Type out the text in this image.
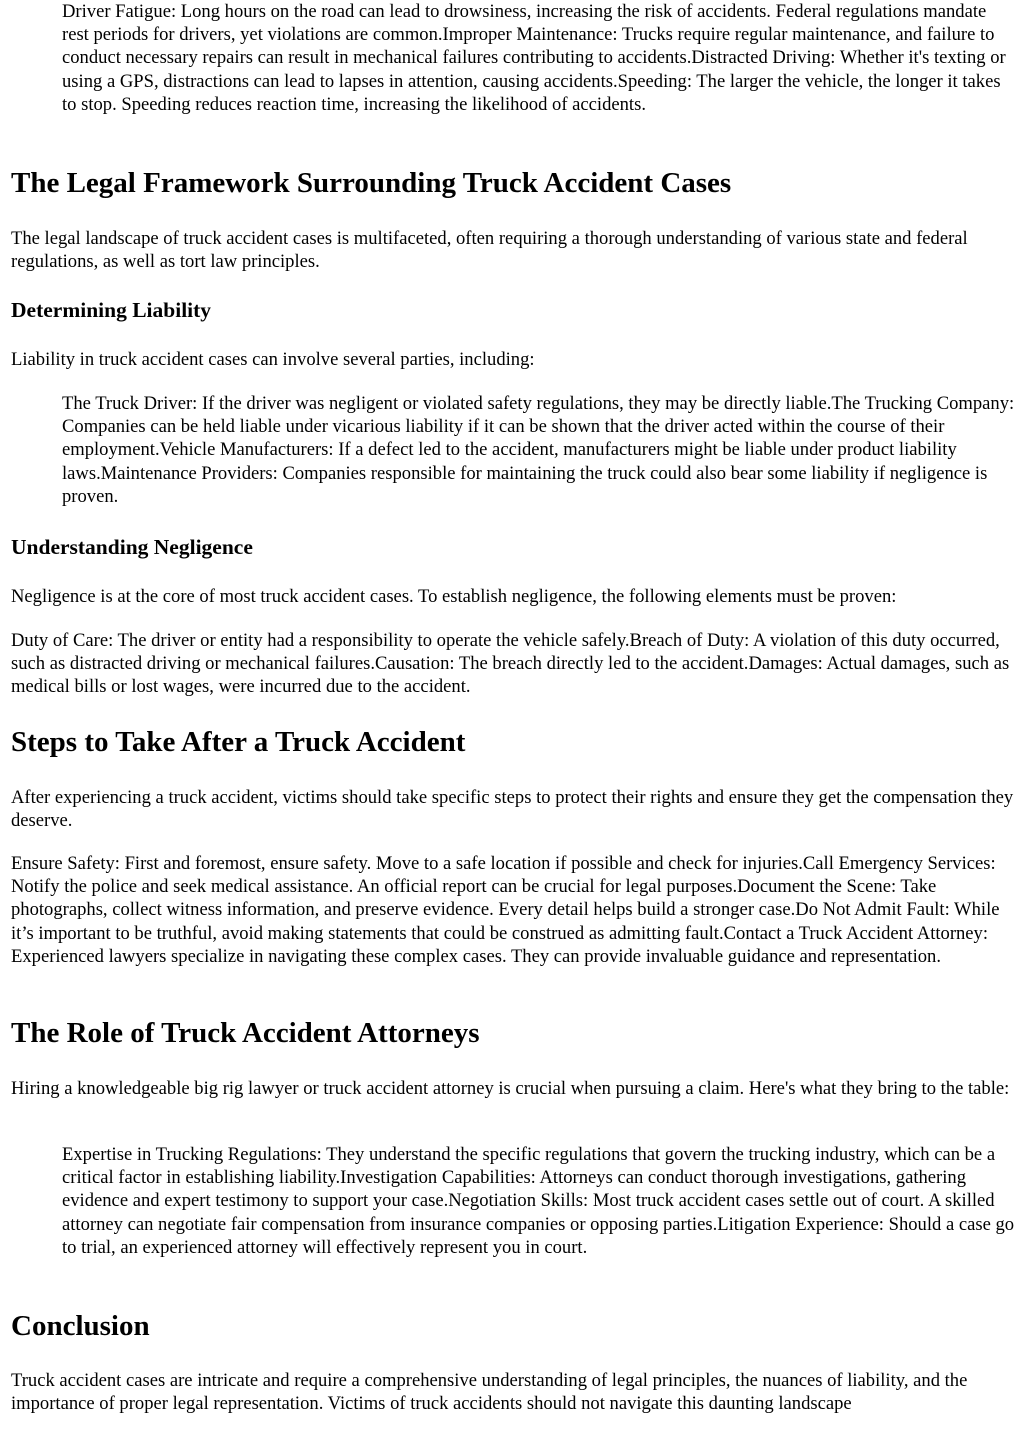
Driver Fatigue: Long hours on the road can lead to drowsiness, increasing the risk of accidents. Federal regulations mandate rest periods for drivers, yet violations are common.Improper Maintenance: Trucks require regular maintenance, and failure to conduct necessary repairs can result in mechanical failures contributing to accidents.Distracted Driving: Whether it's texting or using a GPS, distractions can lead to lapses in attention, causing accidents.Speeding: The larger the vehicle, the longer it takes to stop. Speeding reduces reaction time, increasing the likelihood of accidents.

The Legal Framework Surrounding Truck Accident Cases

The legal landscape of truck accident cases is multifaceted, often requiring a thorough understanding of various state and federal regulations, as well as tort law principles.

Determining Liability

Liability in truck accident cases can involve several parties, including:

The Truck Driver: If the driver was negligent or violated safety regulations, they may be directly liable.The Trucking Company: Companies can be held liable under vicarious liability if it can be shown that the driver acted within the course of their employment.Vehicle Manufacturers: If a defect led to the accident, manufacturers might be liable under product liability laws.Maintenance Providers: Companies responsible for maintaining the truck could also bear some liability if negligence is proven.

Understanding Negligence

Negligence is at the core of most truck accident cases. To establish negligence, the following elements must be proven:

Duty of Care: The driver or entity had a responsibility to operate the vehicle safely.Breach of Duty: A violation of this duty occurred, such as distracted driving or mechanical failures.Causation: The breach directly led to the accident.Damages: Actual damages, such as medical bills or lost wages, were incurred due to the accident.

Steps to Take After a Truck Accident

After experiencing a truck accident, victims should take specific steps to protect their rights and ensure they get the compensation they deserve.

Ensure Safety: First and foremost, ensure safety. Move to a safe location if possible and check for injuries.Call Emergency Services: Notify the police and seek medical assistance. An official report can be crucial for legal purposes.Document the Scene: Take photographs, collect witness information, and preserve evidence. Every detail helps build a stronger case.Do Not Admit Fault: While it’s important to be truthful, avoid making statements that could be construed as admitting fault.Contact a Truck Accident Attorney: Experienced lawyers specialize in navigating these complex cases. They can provide invaluable guidance and representation.

The Role of Truck Accident Attorneys

Hiring a knowledgeable big rig lawyer or truck accident attorney is crucial when pursuing a claim. Here's what they bring to the table:

Expertise in Trucking Regulations: They understand the specific regulations that govern the trucking industry, which can be a critical factor in establishing liability.Investigation Capabilities: Attorneys can conduct thorough investigations, gathering evidence and expert testimony to support your case.Negotiation Skills: Most truck accident cases settle out of court. A skilled attorney can negotiate fair compensation from insurance companies or opposing parties.Litigation Experience: Should a case go to trial, an experienced attorney will effectively represent you in court.

Conclusion

Truck accident cases are intricate and require a comprehensive understanding of legal principles, the nuances of liability, and the importance of proper legal representation. Victims of truck accidents should not navigate this daunting landscape
